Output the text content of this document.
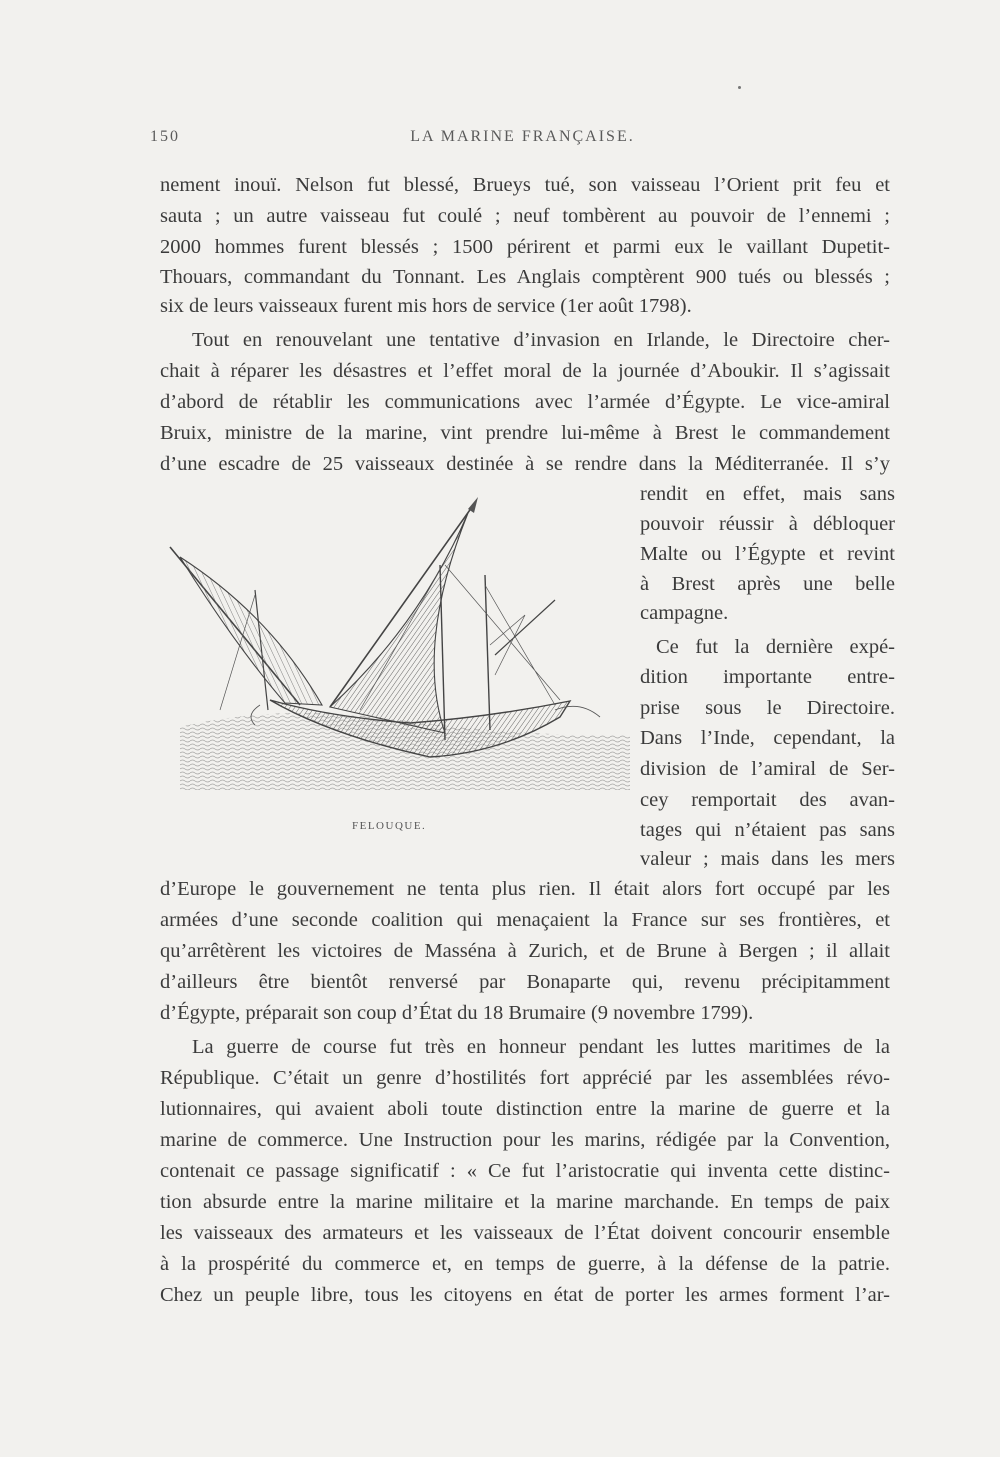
150	LA MARINE FRANÇAISE.
nement inouï. Nelson fut blessé, Brueys tué, son vaisseau l’Orient prit feu et
sauta ; un autre vaisseau fut coulé ; neuf tombèrent au pouvoir de l’ennemi ;
2000 hommes furent blessés ; 1500 périrent et parmi eux le vaillant Dupetit-
Thouars, commandant du Tonnant. Les Anglais comptèrent 900 tués ou blessés ;
six de leurs vaisseaux furent mis hors de service (1er août 1798).
Tout en renouvelant une tentative d’invasion en Irlande, le Directoire cher-
chait à réparer les désastres et l’effet moral de la journée d’Aboukir. Il s’agissait
d’abord de rétablir les communications avec l’armée d’Égypte. Le vice-amiral
Bruix, ministre de la marine, vint prendre lui-même à Brest le commandement
d’une escadre de 25 vaisseaux destinée à se rendre dans la Méditerranée. Il s’y
FELOUQUE.
rendit en effet, mais sans
pouvoir réussir à débloquer
Malte ou l’Égypte et revint
à Brest après une belle
campagne.
Ce fut la dernière expé-
dition importante entre-
prise sous le Directoire.
Dans l’Inde, cependant, la
division de l’amiral de Ser-
cey remportait des avan-
tages qui n’étaient pas sans
valeur ; mais dans les mers
d’Europe le gouvernement ne tenta plus rien. Il était alors fort occupé par les
armées d’une seconde coalition qui menaçaient la France sur ses frontières, et
qu’arrêtèrent les victoires de Masséna à Zurich, et de Brune à Bergen ; il allait
d’ailleurs être bientôt renversé par Bonaparte qui, revenu précipitamment
d’Égypte, préparait son coup d’État du 18 Brumaire (9 novembre 1799).
La guerre de course fut très en honneur pendant les luttes maritimes de la
République. C’était un genre d’hostilités fort apprécié par les assemblées révo-
lutionnaires, qui avaient aboli toute distinction entre la marine de guerre et la
marine de commerce. Une Instruction pour les marins, rédigée par la Convention,
contenait ce passage significatif : « Ce fut l’aristocratie qui inventa cette distinc-
tion absurde entre la marine militaire et la marine marchande. En temps de paix
les vaisseaux des armateurs et les vaisseaux de l’État doivent concourir ensemble
à la prospérité du commerce et, en temps de guerre, à la défense de la patrie.
Chez un peuple libre, tous les citoyens en état de porter les armes forment l’ar-
